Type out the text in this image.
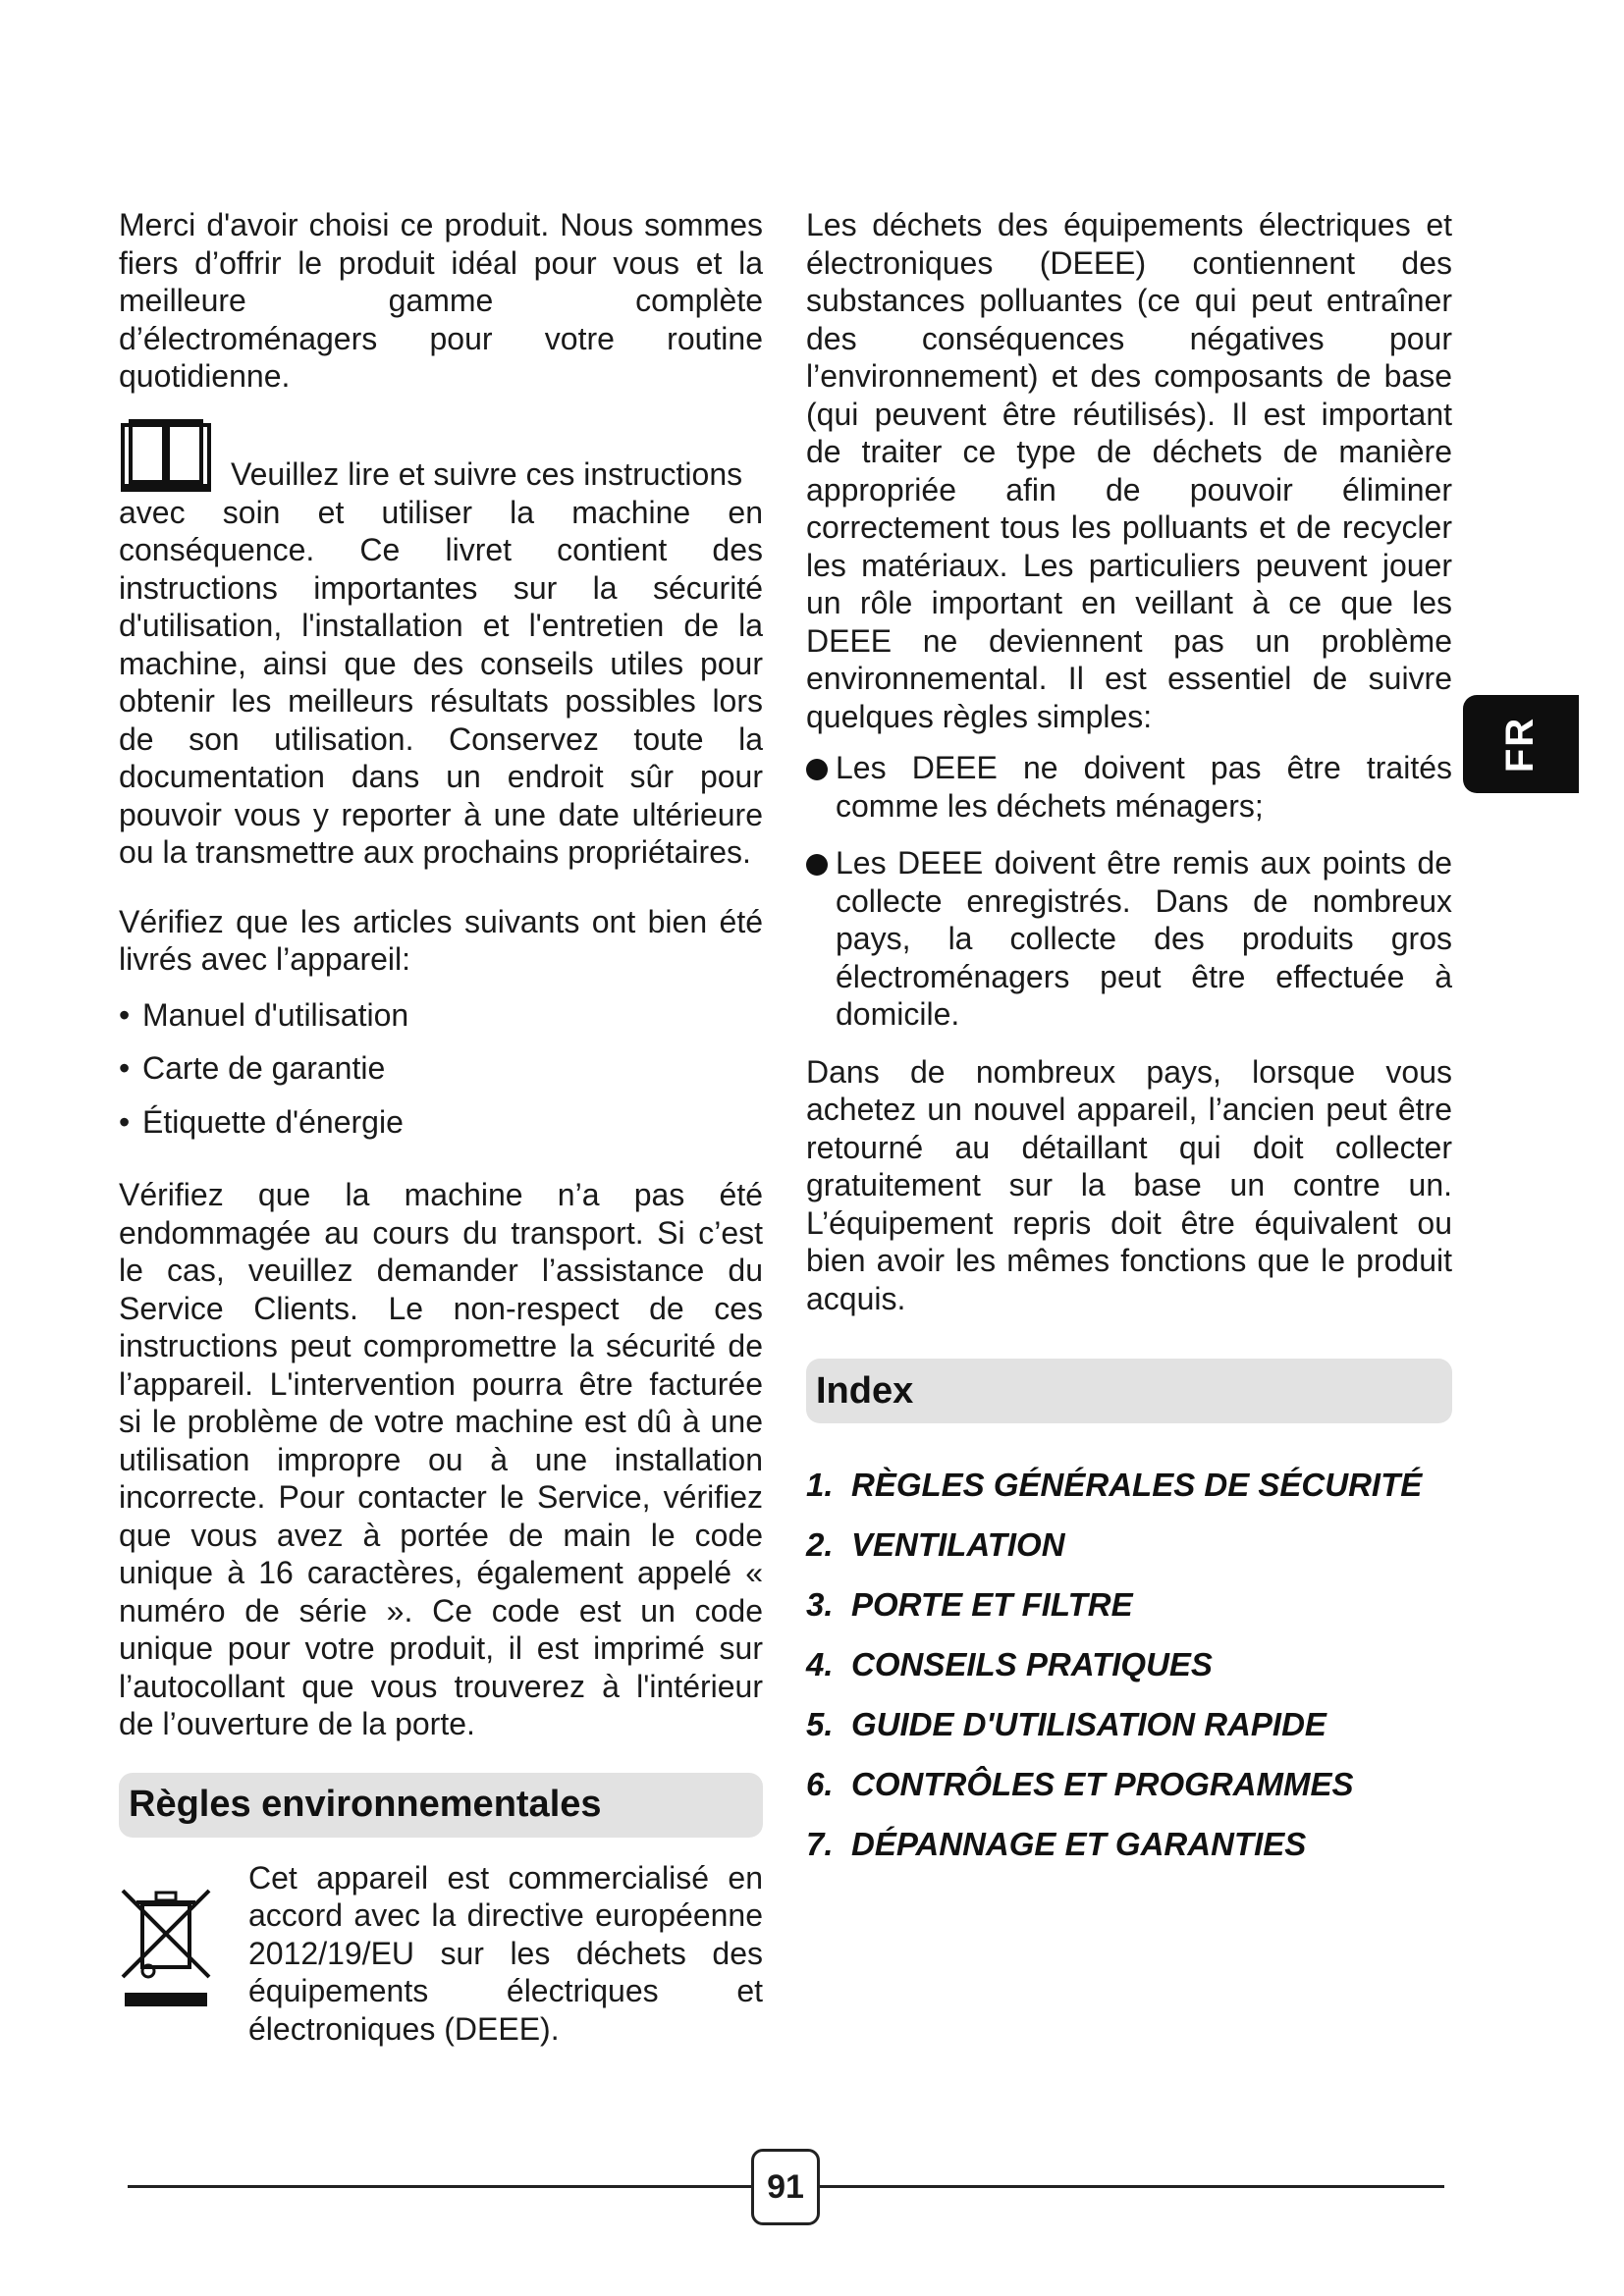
Merci d'avoir choisi ce produit. Nous sommes fiers d’offrir le produit idéal pour vous et la meilleure gamme complète d’électroménagers pour votre routine quotidienne.

Veuillez lire et suivre ces instructions

avec soin et utiliser la machine en conséquence. Ce livret contient des instructions importantes sur la sécurité d'utilisation, l'installation et l'entretien de la machine, ainsi que des conseils utiles pour obtenir les meilleurs résultats possibles lors de son utilisation. Conservez toute la documentation dans un endroit sûr pour pouvoir vous y reporter à une date ultérieure ou la transmettre aux prochains propriétaires.

Vérifiez que les articles suivants ont bien été livrés avec l’appareil:

• Manuel d'utilisation
• Carte de garantie
• Étiquette d'énergie

Vérifiez que la machine n’a pas été endommagée au cours du transport. Si c’est le cas, veuillez demander l’assistance du Service Clients. Le non-respect de ces instructions peut compromettre la sécurité de l’appareil. L'intervention pourra être facturée si le problème de votre machine est dû à une utilisation impropre ou à une installation incorrecte. Pour contacter le Service, vérifiez que vous avez à portée de main le code unique à 16 caractères, également appelé « numéro de série ». Ce code est un code unique pour votre produit, il est imprimé sur l’autocollant que vous trouverez à l'intérieur de l’ouverture de la porte.

Règles environnementales

Cet appareil est commercialisé en accord avec la directive européenne 2012/19/EU sur les déchets des équipements électriques et électroniques (DEEE).

Les déchets des équipements électriques et électroniques (DEEE) contiennent des substances polluantes (ce qui peut entraîner des conséquences négatives pour l’environnement) et des composants de base (qui peuvent être réutilisés). Il est important de traiter ce type de déchets de manière appropriée afin de pouvoir éliminer correctement tous les polluants et de recycler les matériaux. Les particuliers peuvent jouer un rôle important en veillant à ce que les DEEE ne deviennent pas un problème environnemental. Il est essentiel de suivre quelques règles simples:

Les DEEE ne doivent pas être traités comme les déchets ménagers;
Les DEEE doivent être remis aux points de collecte enregistrés. Dans de nombreux pays, la collecte des produits gros électroménagers peut être effectuée à domicile.

Dans de nombreux pays, lorsque vous achetez un nouvel appareil, l’ancien peut être retourné au détaillant qui doit collecter gratuitement sur la base un contre un. L’équipement repris doit être équivalent ou bien avoir les mêmes fonctions que le produit acquis.

Index
1. RÈGLES GÉNÉRALES DE SÉCURITÉ
2. VENTILATION
3. PORTE ET FILTRE
4. CONSEILS PRATIQUES
5. GUIDE D'UTILISATION RAPIDE
6. CONTRÔLES ET PROGRAMMES
7. DÉPANNAGE ET GARANTIES
FR
91
